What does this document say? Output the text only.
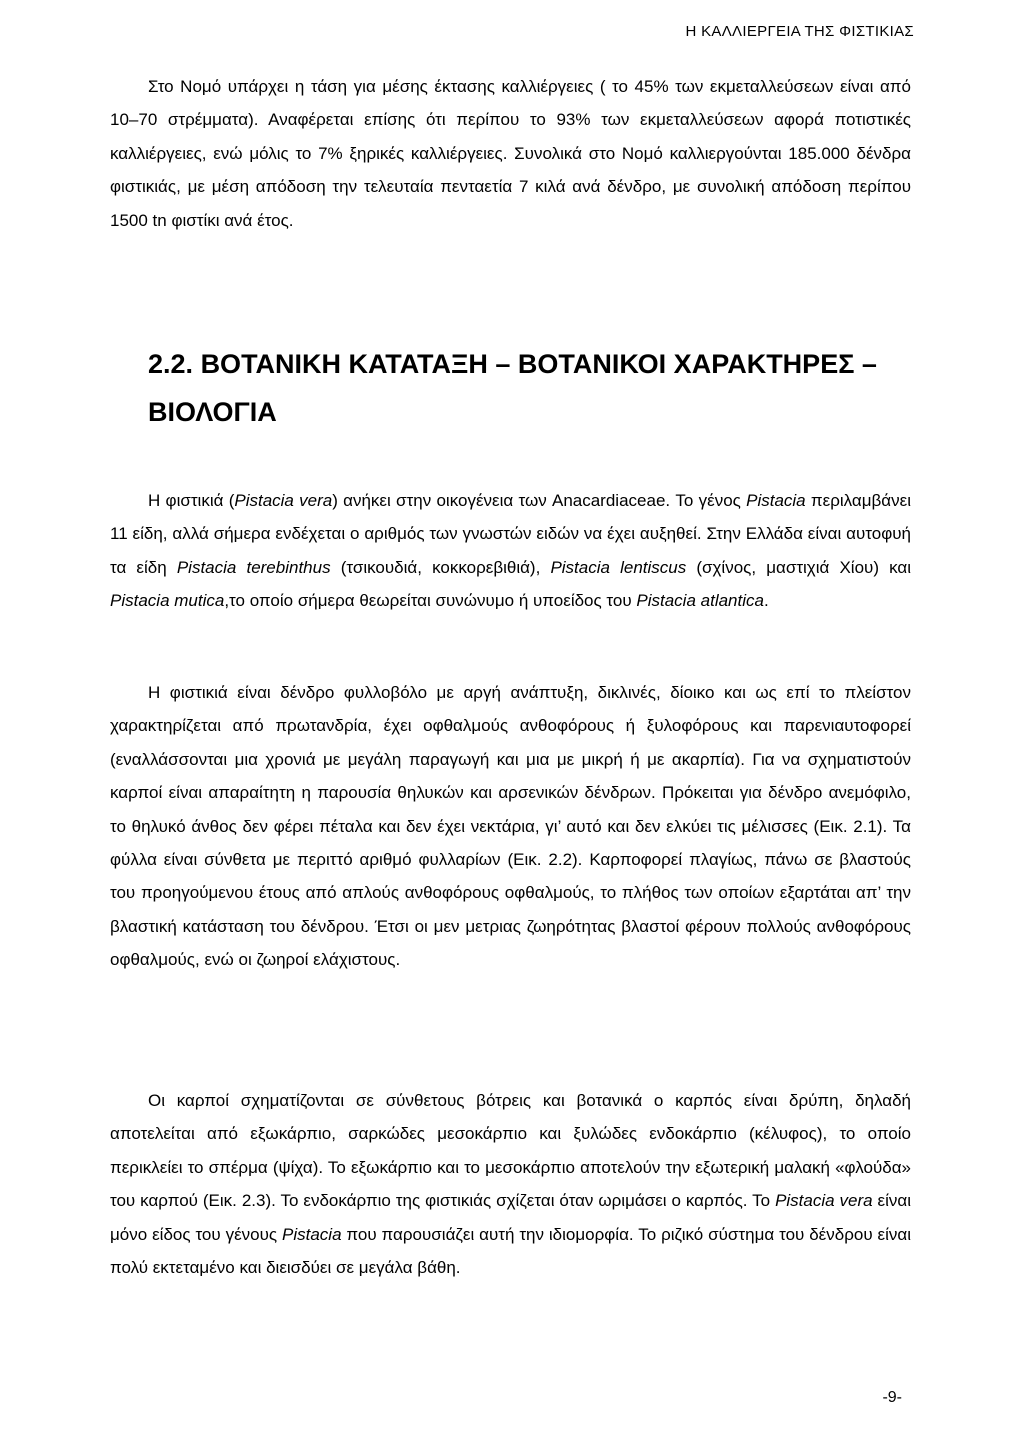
Η ΚΑΛΛΙΕΡΓΕΙΑ ΤΗΣ ΦΙΣΤΙΚΙΑΣ

Στο Νομό υπάρχει η τάση για μέσης έκτασης καλλιέργειες ( το 45% των εκμεταλλεύσεων είναι από 10–70 στρέμματα). Αναφέρεται επίσης ότι περίπου το 93% των εκμεταλλεύσεων αφορά ποτιστικές καλλιέργειες, ενώ μόλις το 7% ξηρικές καλλιέργειες. Συνολικά στο Νομό καλλιεργούνται 185.000 δένδρα φιστικιάς, με μέση απόδοση την τελευταία πενταετία 7 κιλά ανά δένδρο, με συνολική απόδοση περίπου 1500 tn φιστίκι ανά έτος.

2.2. ΒΟΤΑΝΙΚΗ ΚΑΤΑΤΑΞΗ – ΒΟΤΑΝΙΚΟΙ ΧΑΡΑΚΤΗΡΕΣ –
ΒΙΟΛΟΓΙΑ

Η φιστικιά (Pistacia vera) ανήκει στην οικογένεια των Anacardiaceae. Το γένος Pistacia περιλαμβάνει 11 είδη, αλλά σήμερα ενδέχεται ο αριθμός των γνωστών ειδών να έχει αυξηθεί. Στην Ελλάδα είναι αυτοφυή τα είδη Pistacia terebinthus (τσικουδιά, κοκκορεβιθιά), Pistacia lentiscus (σχίνος, μαστιχιά Χίου) και Pistacia mutica,το οποίο σήμερα θεωρείται συνώνυμο ή υποείδος του Pistacia atlantica.

Η φιστικιά είναι δένδρο φυλλοβόλο με αργή ανάπτυξη, δικλινές, δίοικο και ως επί το πλείστον χαρακτηρίζεται από πρωτανδρία, έχει οφθαλμούς ανθοφόρους ή ξυλοφόρους και παρενιαυτοφορεί (εναλλάσσονται μια χρονιά με μεγάλη παραγωγή και μια με μικρή ή με ακαρπία). Για να σχηματιστούν καρποί είναι απαραίτητη η παρουσία θηλυκών και αρσενικών δένδρων. Πρόκειται για δένδρο ανεμόφιλο, το θηλυκό άνθος δεν φέρει πέταλα και δεν έχει νεκτάρια, γι’ αυτό και δεν ελκύει τις μέλισσες (Εικ. 2.1). Τα φύλλα είναι σύνθετα με περιττό αριθμό φυλλαρίων (Εικ. 2.2). Καρποφορεί πλαγίως, πάνω σε βλαστούς του προηγούμενου έτους από απλούς ανθοφόρους οφθαλμούς, το πλήθος των οποίων εξαρτάται απ’ την βλαστική κατάσταση του δένδρου. Έτσι οι μεν μετριας ζωηρότητας βλαστοί φέρουν πολλούς ανθοφόρους οφθαλμούς, ενώ οι ζωηροί ελάχιστους.

Οι καρποί σχηματίζονται σε σύνθετους βότρεις και βοτανικά ο καρπός είναι δρύπη, δηλαδή αποτελείται από εξωκάρπιο, σαρκώδες μεσοκάρπιο και ξυλώδες ενδοκάρπιο (κέλυφος), το οποίο περικλείει το σπέρμα (ψίχα). Το εξωκάρπιο και το μεσοκάρπιο αποτελούν την εξωτερική μαλακή «φλούδα» του καρπού (Εικ. 2.3). Το ενδοκάρπιο της φιστικιάς σχίζεται όταν ωριμάσει ο καρπός. Το Pistacia vera είναι μόνο είδος του γένους Pistacia που παρουσιάζει αυτή την ιδιομορφία. Το ριζικό σύστημα του δένδρου είναι πολύ εκτεταμένο και διεισδύει σε μεγάλα βάθη.

-9-
